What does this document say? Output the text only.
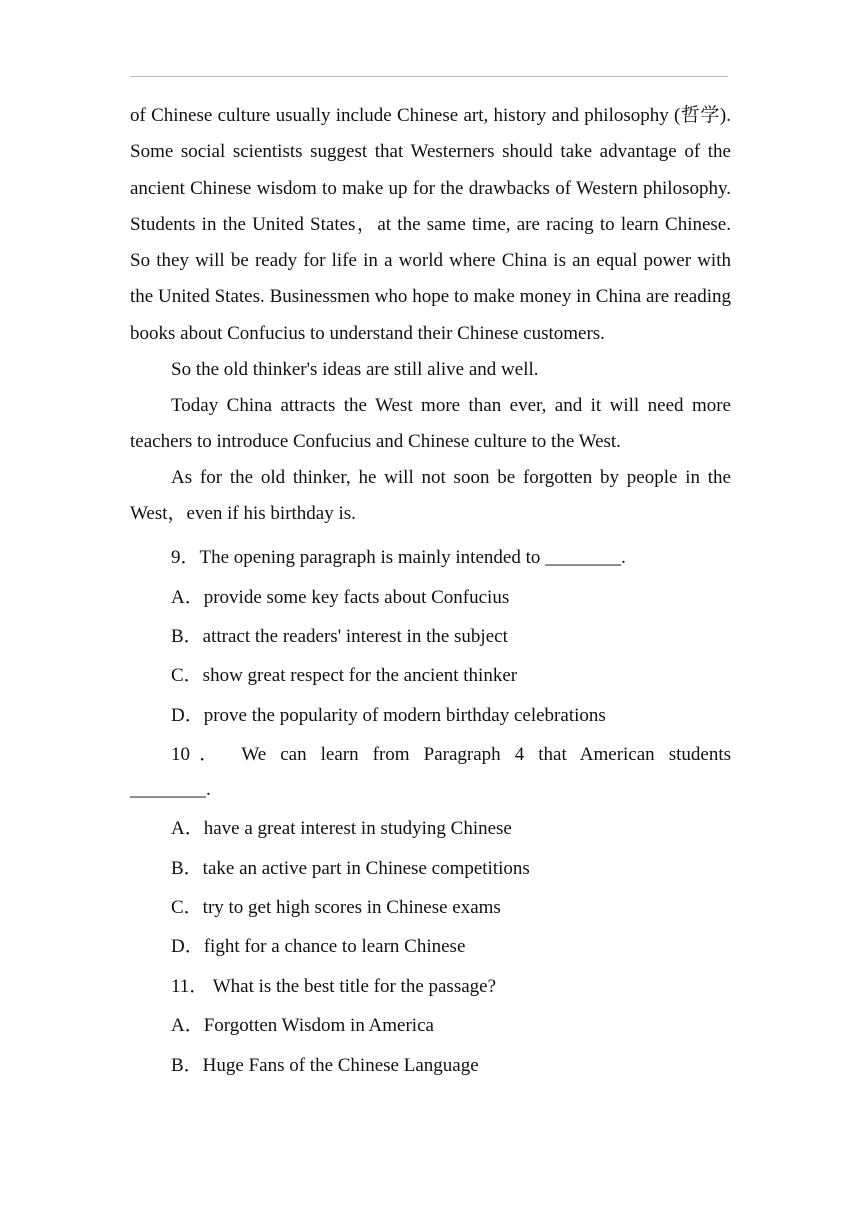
of Chinese culture usually include Chinese art, history and philosophy (哲学). Some social scientists suggest that Westerners should take advantage of the ancient Chinese wisdom to make up for the drawbacks of Western philosophy. Students in the United States，at the same time, are racing to learn Chinese. So they will be ready for life in a world where China is an equal power with the United States. Businessmen who hope to make money in China are reading books about Confucius to understand their Chinese customers.

So the old thinker's ideas are still alive and well.

Today China attracts the West more than ever, and it will need more teachers to introduce Confucius and Chinese culture to the West.

As for the old thinker, he will not soon be forgotten by people in the West，even if his birthday is.

9．The opening paragraph is mainly intended to ________.

A．provide some key facts about Confucius

B．attract the readers' interest in the subject

C．show great respect for the ancient thinker

D．prove the popularity of modern birthday celebrations

10． We can learn from Paragraph 4 that American students

________.

A．have a great interest in studying Chinese

B．take an active part in Chinese competitions

C．try to get high scores in Chinese exams

D．fight for a chance to learn Chinese

11． What is the best title for the passage?

A．Forgotten Wisdom in America

B．Huge Fans of the Chinese Language
